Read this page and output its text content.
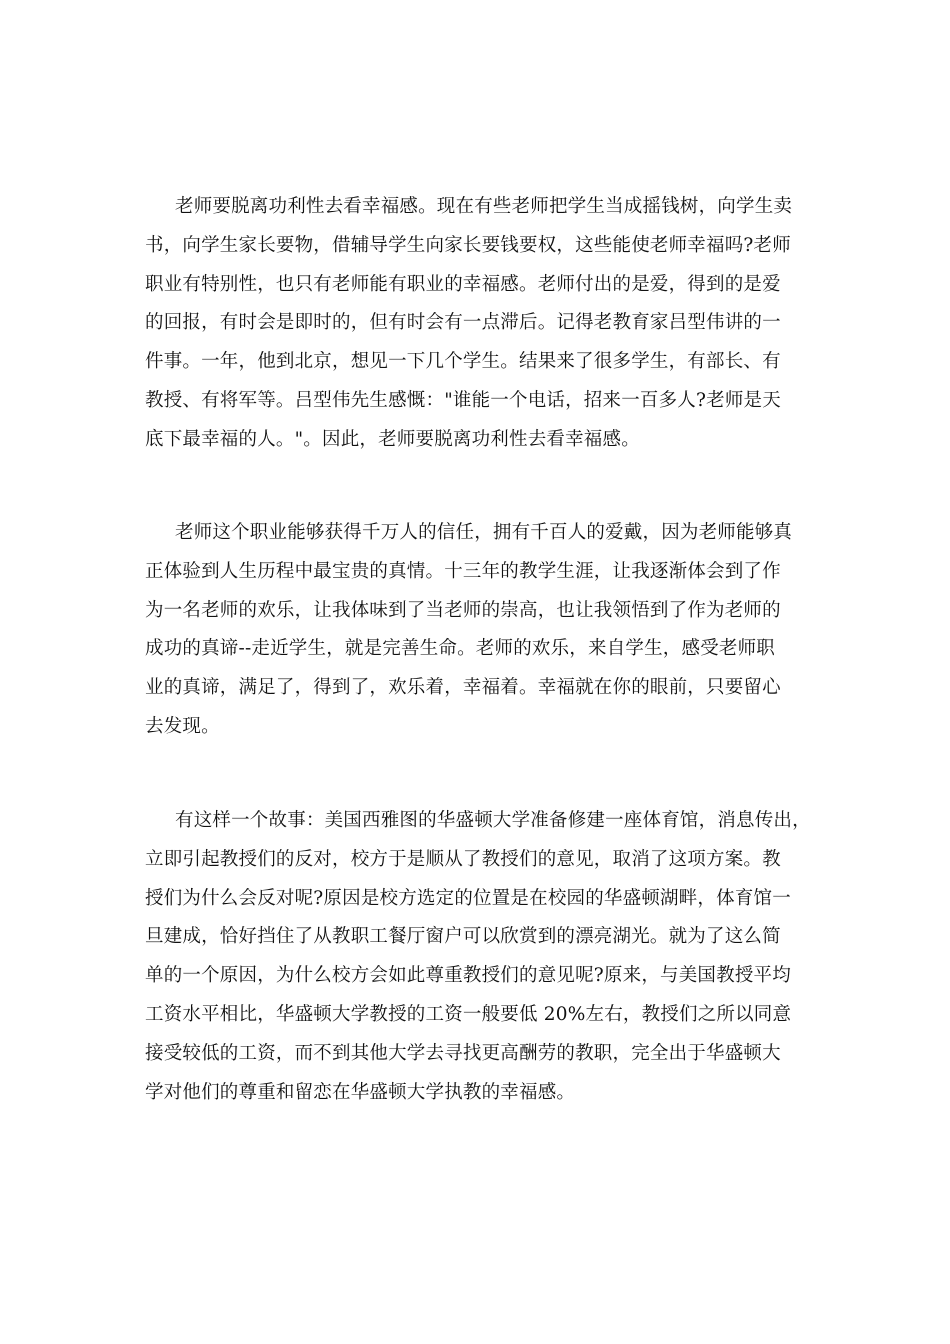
老师要脱离功利性去看幸福感。现在有些老师把学生当成摇钱树，向学生卖
书，向学生家长要物，借辅导学生向家长要钱要权，这些能使老师幸福吗?老师
职业有特别性，也只有老师能有职业的幸福感。老师付出的是爱，得到的是爱
的回报，有时会是即时的，但有时会有一点滞后。记得老教育家吕型伟讲的一
件事。一年，他到北京，想见一下几个学生。结果来了很多学生，有部长、有
教授、有将军等。吕型伟先生感慨："谁能一个电话，招来一百多人?老师是天
底下最幸福的人。"。因此，老师要脱离功利性去看幸福感。

老师这个职业能够获得千万人的信任，拥有千百人的爱戴，因为老师能够真
正体验到人生历程中最宝贵的真情。十三年的教学生涯，让我逐渐体会到了作
为一名老师的欢乐，让我体味到了当老师的崇高，也让我领悟到了作为老师的
成功的真谛--走近学生，就是完善生命。老师的欢乐，来自学生，感受老师职
业的真谛，满足了，得到了，欢乐着，幸福着。幸福就在你的眼前，只要留心
去发现。

有这样一个故事：美国西雅图的华盛顿大学准备修建一座体育馆，消息传出，
立即引起教授们的反对，校方于是顺从了教授们的意见，取消了这项方案。教
授们为什么会反对呢?原因是校方选定的位置是在校园的华盛顿湖畔，体育馆一
旦建成，恰好挡住了从教职工餐厅窗户可以欣赏到的漂亮湖光。就为了这么简
单的一个原因，为什么校方会如此尊重教授们的意见呢?原来，与美国教授平均
工资水平相比，华盛顿大学教授的工资一般要低 20%左右，教授们之所以同意
接受较低的工资，而不到其他大学去寻找更高酬劳的教职，完全出于华盛顿大
学对他们的尊重和留恋在华盛顿大学执教的幸福感。
